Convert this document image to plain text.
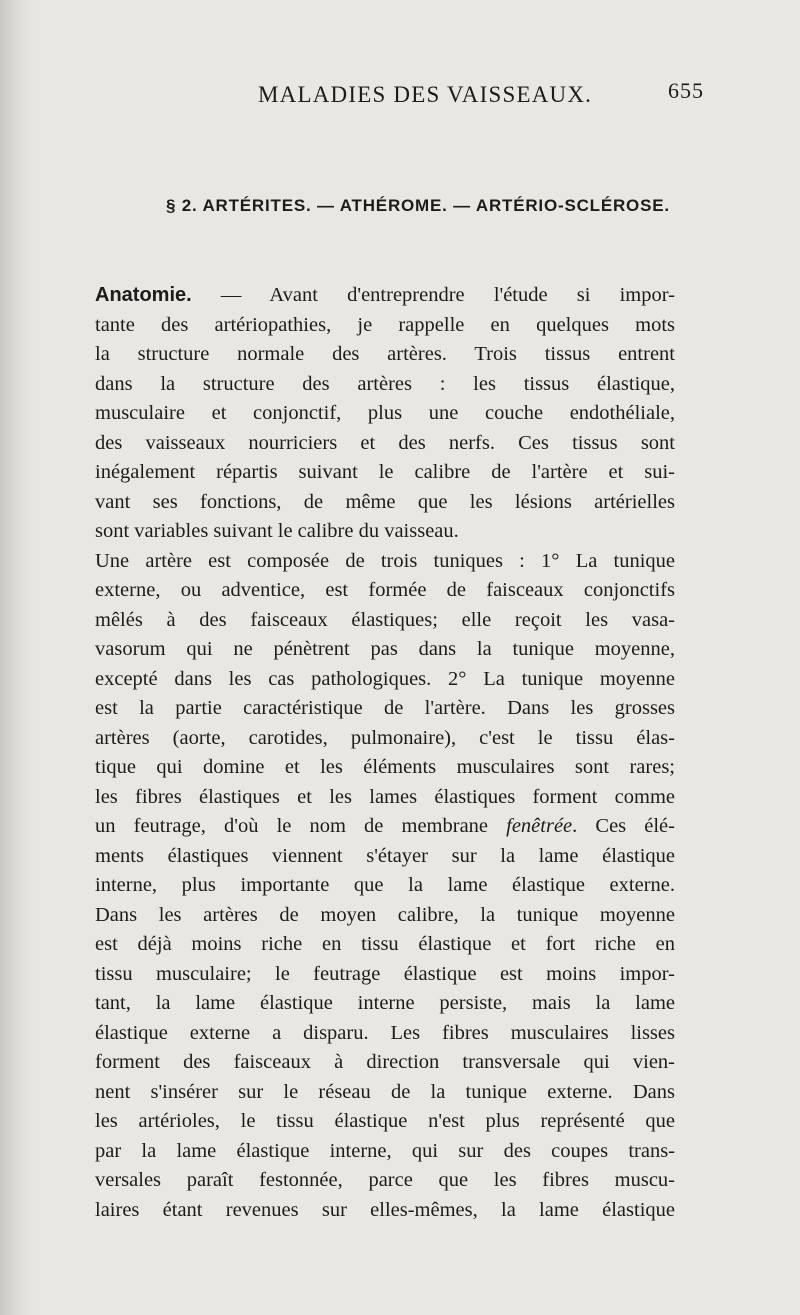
MALADIES DES VAISSEAUX.	655
§ 2. ARTÉRITES. — ATHÉROME. — ARTÉRIO-SCLÉROSE.
Anatomie. — Avant d'entreprendre l'étude si impor-
tante des artériopathies, je rappelle en quelques mots
la structure normale des artères. Trois tissus entrent
dans la structure des artères : les tissus élastique,
musculaire et conjonctif, plus une couche endothéliale,
des vaisseaux nourriciers et des nerfs. Ces tissus sont
inégalement répartis suivant le calibre de l'artère et sui-
vant ses fonctions, de même que les lésions artérielles
sont variables suivant le calibre du vaisseau.
Une artère est composée de trois tuniques : 1° La tunique
externe, ou adventice, est formée de faisceaux conjonctifs
mêlés à des faisceaux élastiques; elle reçoit les vasa-
vasorum qui ne pénètrent pas dans la tunique moyenne,
excepté dans les cas pathologiques. 2° La tunique moyenne
est la partie caractéristique de l'artère. Dans les grosses
artères (aorte, carotides, pulmonaire), c'est le tissu élas-
tique qui domine et les éléments musculaires sont rares;
les fibres élastiques et les lames élastiques forment comme
un feutrage, d'où le nom de membrane fenêtrée. Ces élé-
ments élastiques viennent s'étayer sur la lame élastique
interne, plus importante que la lame élastique externe.
Dans les artères de moyen calibre, la tunique moyenne
est déjà moins riche en tissu élastique et fort riche en
tissu musculaire; le feutrage élastique est moins impor-
tant, la lame élastique interne persiste, mais la lame
élastique externe a disparu. Les fibres musculaires lisses
forment des faisceaux à direction transversale qui vien-
nent s'insérer sur le réseau de la tunique externe. Dans
les artérioles, le tissu élastique n'est plus représenté que
par la lame élastique interne, qui sur des coupes trans-
versales paraît festonnée, parce que les fibres muscu-
laires étant revenues sur elles-mêmes, la lame élastique
